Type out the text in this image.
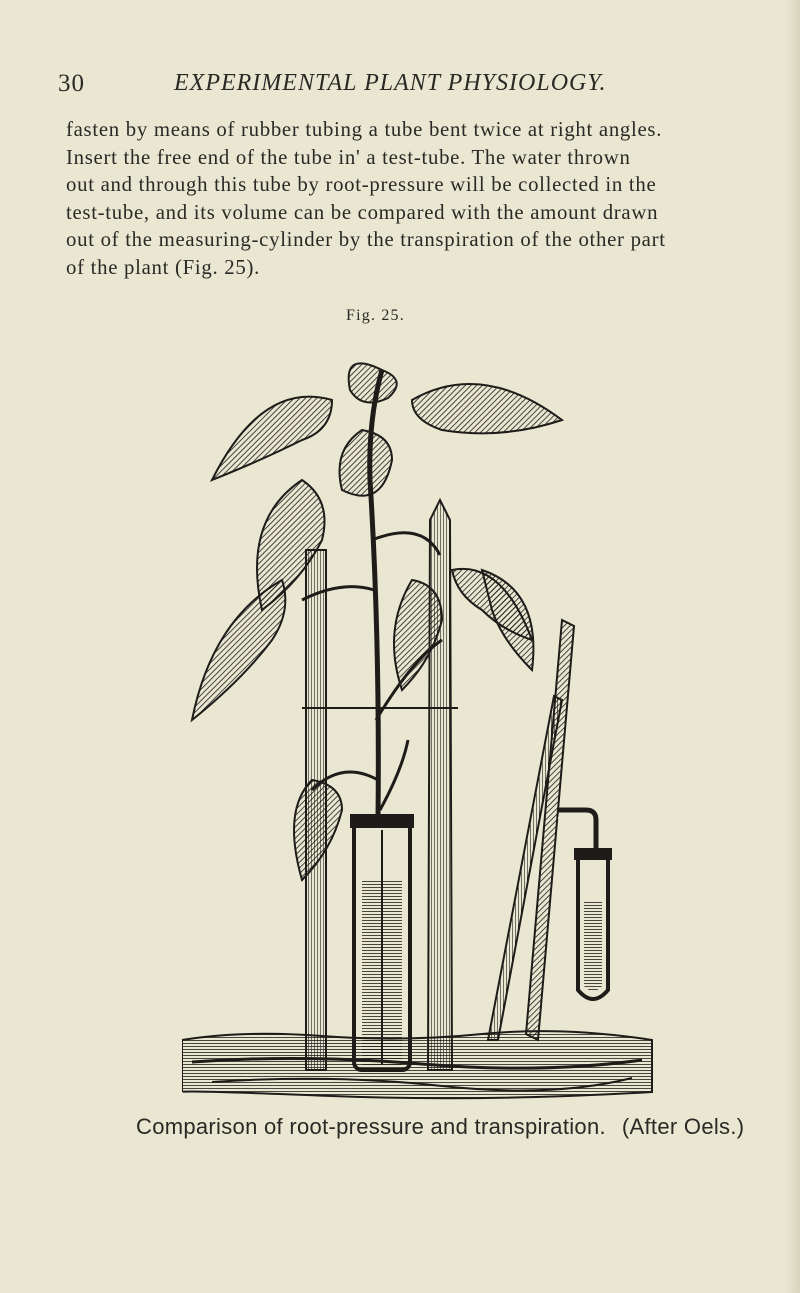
30	EXPERIMENTAL PLANT PHYSIOLOGY.

fasten by means of rubber tubing a tube bent twice at right angles.
Insert the free end of the tube in' a test-tube. The water thrown
out and through this tube by root-pressure will be collected in the
test-tube, and its volume can be compared with the amount drawn
out of the measuring-cylinder by the transpiration of the other part
of the plant (Fig. 25).

Fig. 25.
Comparison of root-pressure and transpiration. (After Oels.)
